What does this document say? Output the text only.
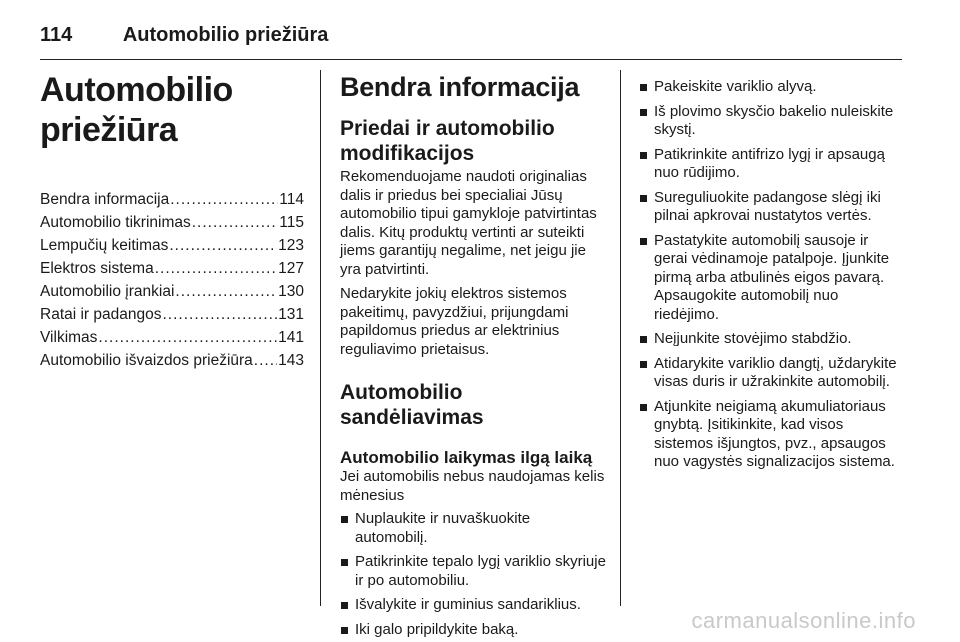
114	Automobilio priežiūra
Automobilio priežiūra
Bendra informacija .....	114
Automobilio tikrinimas .....	115
Lempučių keitimas .....	123
Elektros sistema .....	127
Automobilio įrankiai .....	130
Ratai ir padangos .....	131
Vilkimas .....	141
Automobilio išvaizdos priežiūra ..... 143
Bendra informacija
Priedai ir automobilio modifikacijos

Rekomenduojame naudoti originalias dalis ir priedus bei specialiai Jūsų automobilio tipui gamykloje patvirtintas dalis. Kitų produktų vertinti ar suteikti jiems garantijų negalime, net jeigu jie yra patvirtinti.

Nedarykite jokių elektros sistemos pakeitimų, pavyzdžiui, prijungdami papildomus priedus ar elektrinius reguliavimo prietaisus.

Automobilio sandėliavimas
Automobilio laikymas ilgą laiką

Jei automobilis nebus naudojamas kelis mėnesius

Nuplaukite ir nuvaškuokite automobilį.
Patikrinkite tepalo lygį variklio skyriuje ir po automobiliu.
Išvalykite ir guminius sandariklius.
Iki galo pripildykite baką.
Pakeiskite variklio alyvą.
Iš plovimo skysčio bakelio nuleiskite skystį.
Patikrinkite antifrizo lygį ir apsaugą nuo rūdijimo.
Sureguliuokite padangose slėgį iki pilnai apkrovai nustatytos vertės.
Pastatykite automobilį sausoje ir gerai vėdinamoje patalpoje. Įjunkite pirmą arba atbulinės eigos pavarą. Apsaugokite automobilį nuo riedėjimo.
Neįjunkite stovėjimo stabdžio.
Atidarykite variklio dangtį, uždarykite visas duris ir užrakinkite automobilį.
Atjunkite neigiamą akumuliatoriaus gnybtą. Įsitikinkite, kad visos sistemos išjungtos, pvz., apsaugos nuo vagystės signalizacijos sistema.
carmanualsonline.info
